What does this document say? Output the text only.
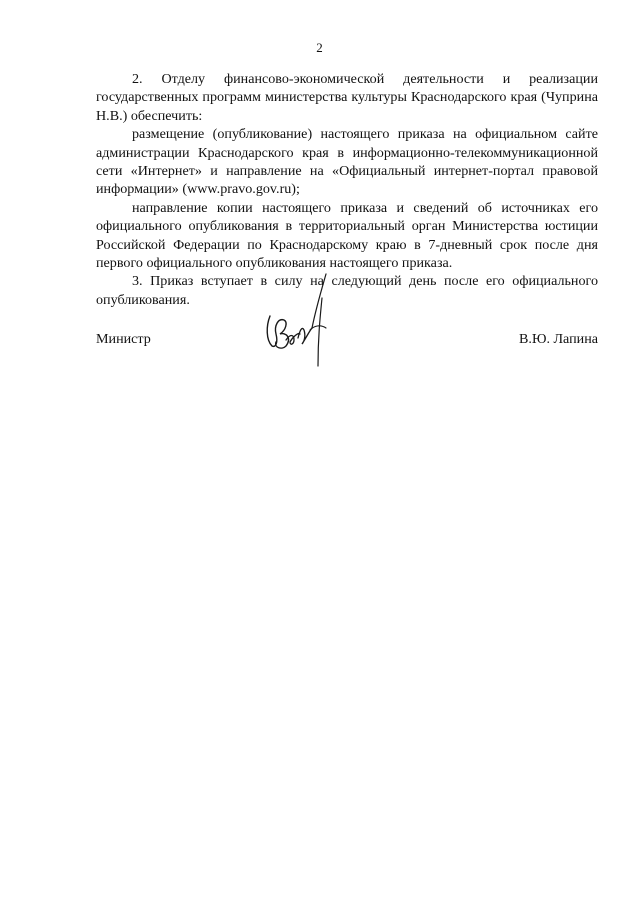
2

2. Отделу финансово-экономической деятельности и реализации государственных программ министерства культуры Краснодарского края (Чуприна Н.В.) обеспечить:

размещение (опубликование) настоящего приказа на официальном сайте администрации Краснодарского края в информационно-телекоммуникационной сети «Интернет» и направление на «Официальный интернет-портал правовой информации» (www.pravo.gov.ru);

направление копии настоящего приказа и сведений об источниках его официального опубликования в территориальный орган Министерства юстиции Российской Федерации по Краснодарскому краю в 7-дневный срок после дня первого официального опубликования настоящего приказа.

3. Приказ вступает в силу на следующий день после его официального опубликования.

Министр	В.Ю. Лапина
